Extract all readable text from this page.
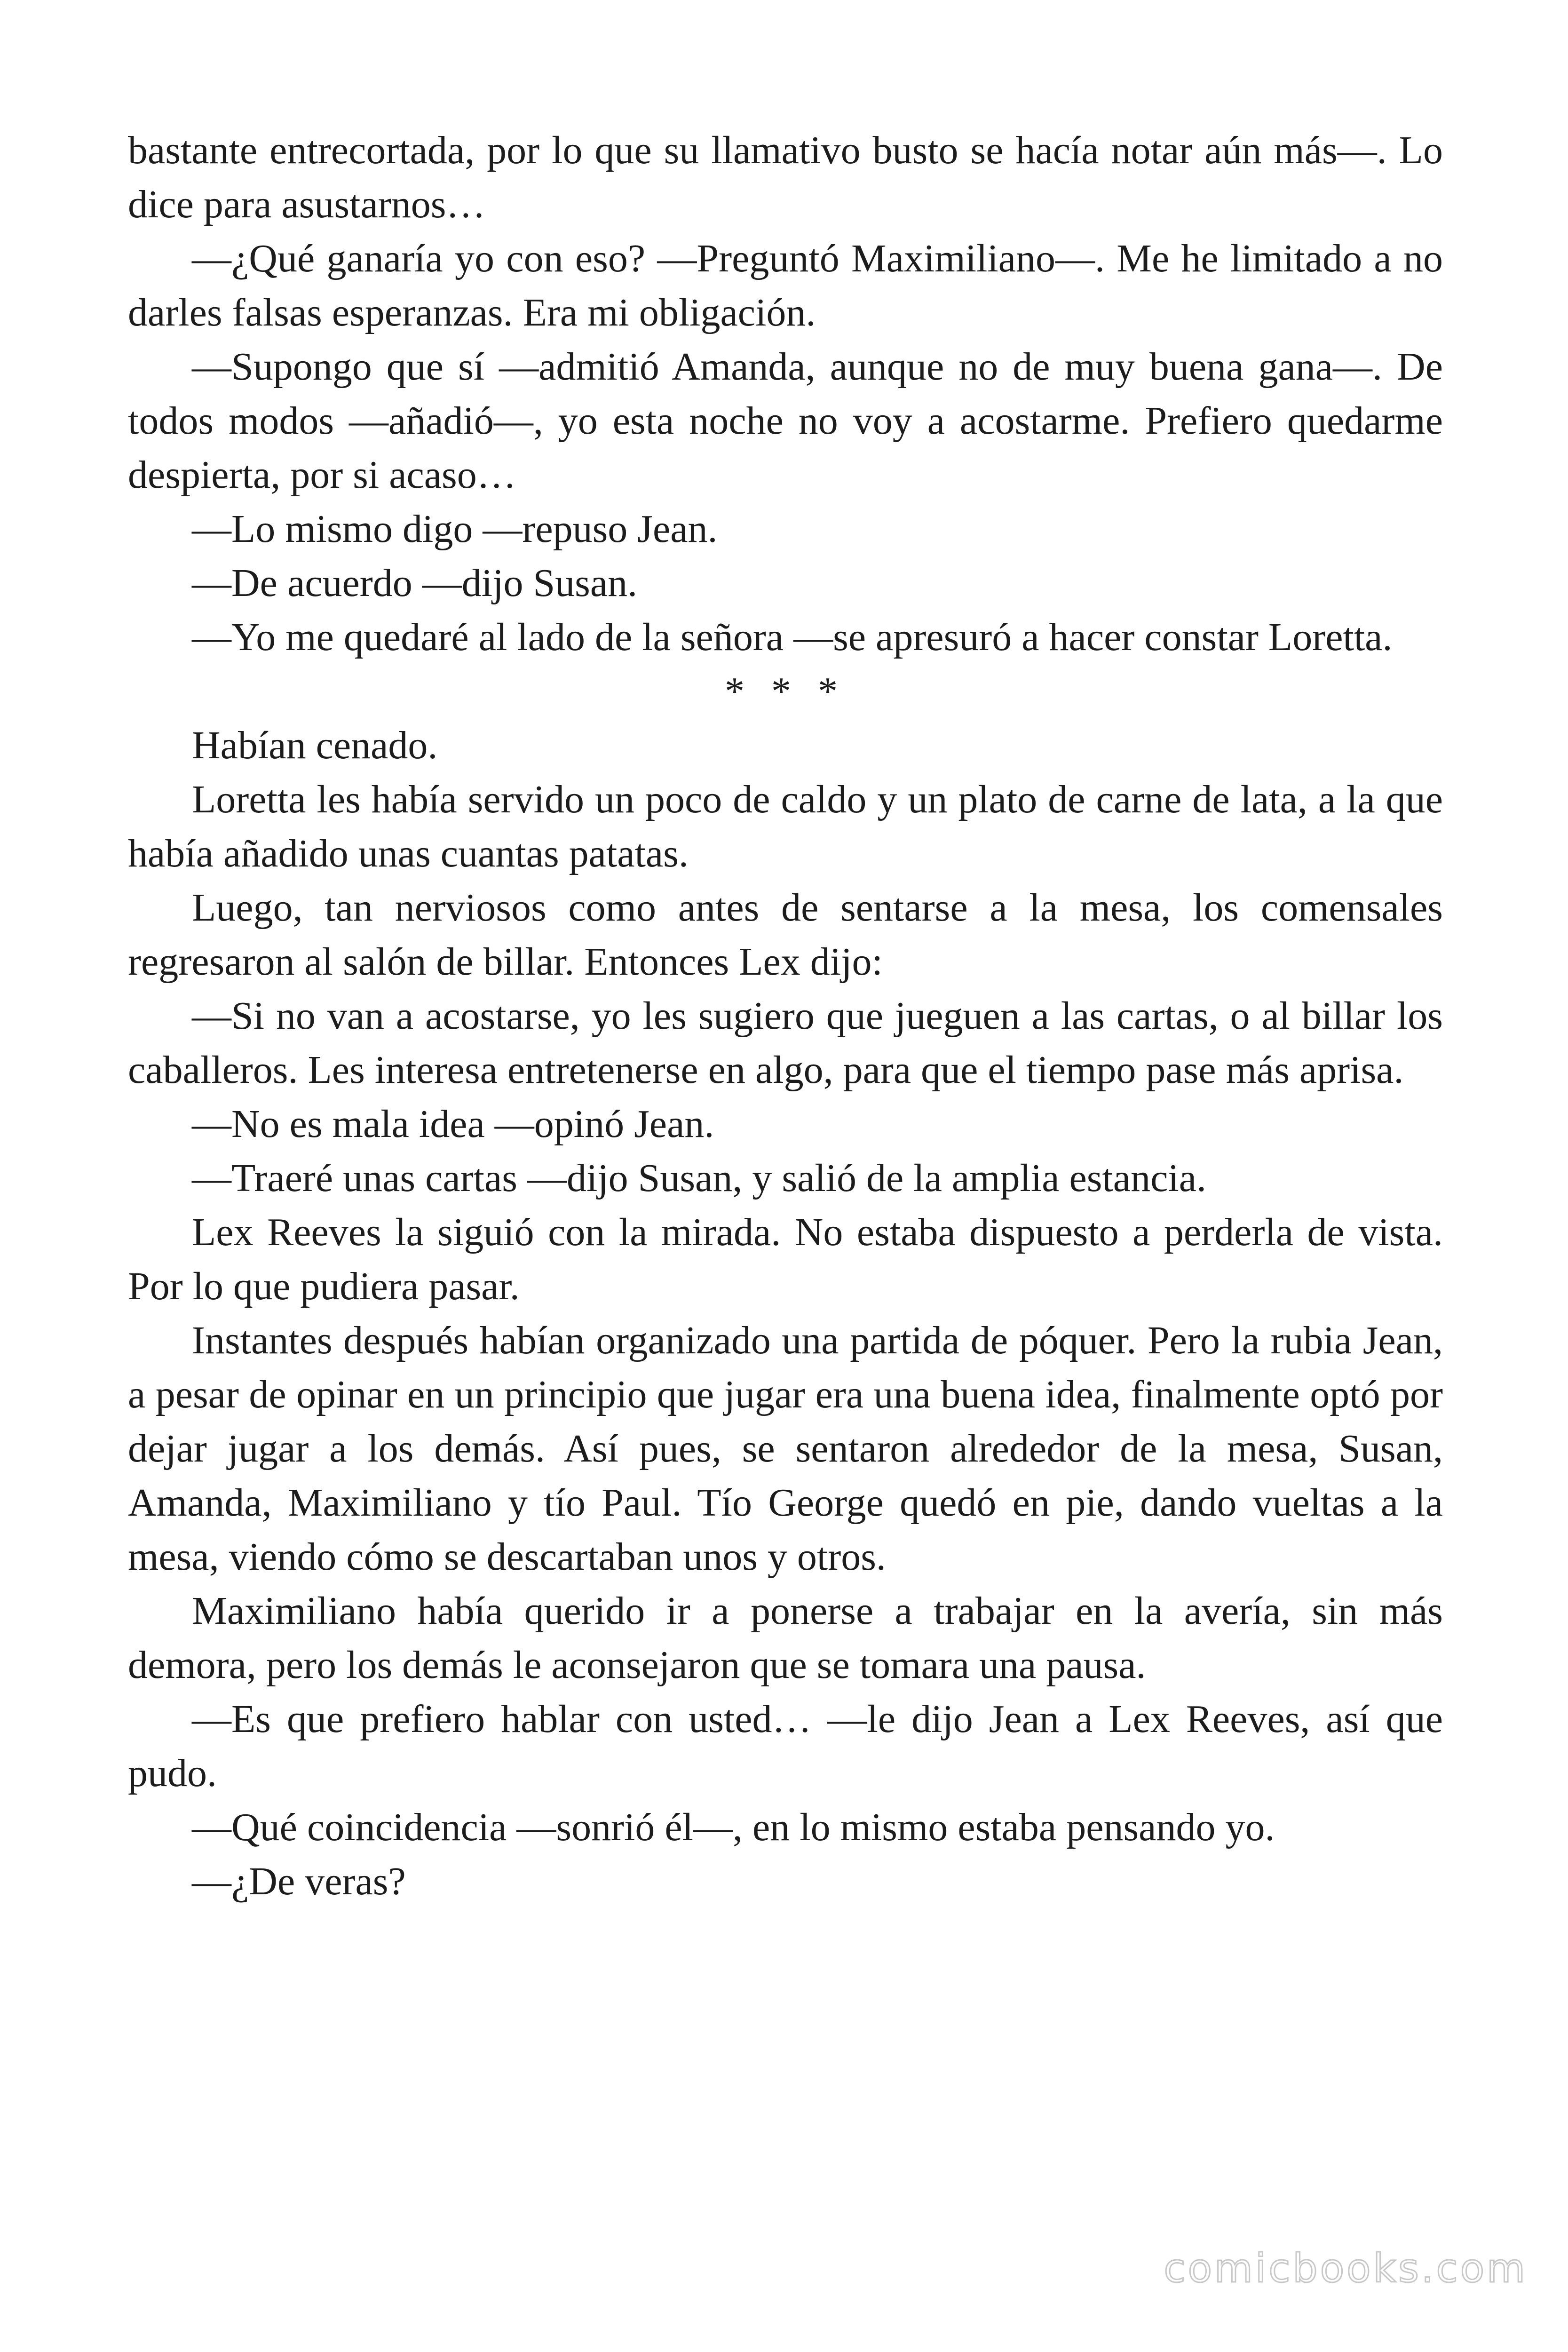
bastante entrecortada, por lo que su llamativo busto se hacía notar aún más—. Lo dice para asustarnos…

—¿Qué ganaría yo con eso? —Preguntó Maximiliano—. Me he limitado a no darles falsas esperanzas. Era mi obligación.

—Supongo que sí —admitió Amanda, aunque no de muy buena gana—. De todos modos —añadió—, yo esta noche no voy a acostarme. Prefiero quedarme despierta, por si acaso…

—Lo mismo digo —repuso Jean.

—De acuerdo —dijo Susan.

—Yo me quedaré al lado de la señora —se apresuró a hacer constar Loretta.

* * *

Habían cenado.

Loretta les había servido un poco de caldo y un plato de carne de lata, a la que había añadido unas cuantas patatas.

Luego, tan nerviosos como antes de sentarse a la mesa, los comensales regresaron al salón de billar. Entonces Lex dijo:

—Si no van a acostarse, yo les sugiero que jueguen a las cartas, o al billar los caballeros. Les interesa entretenerse en algo, para que el tiempo pase más aprisa.

—No es mala idea —opinó Jean.

—Traeré unas cartas —dijo Susan, y salió de la amplia estancia.

Lex Reeves la siguió con la mirada. No estaba dispuesto a perderla de vista. Por lo que pudiera pasar.

Instantes después habían organizado una partida de póquer. Pero la rubia Jean, a pesar de opinar en un principio que jugar era una buena idea, finalmente optó por dejar jugar a los demás. Así pues, se sentaron alrededor de la mesa, Susan, Amanda, Maximiliano y tío Paul. Tío George quedó en pie, dando vueltas a la mesa, viendo cómo se descartaban unos y otros.

Maximiliano había querido ir a ponerse a trabajar en la avería, sin más demora, pero los demás le aconsejaron que se tomara una pausa.

—Es que prefiero hablar con usted… —le dijo Jean a Lex Reeves, así que pudo.

—Qué coincidencia —sonrió él—, en lo mismo estaba pensando yo.

—¿De veras?

comicbooks.com
